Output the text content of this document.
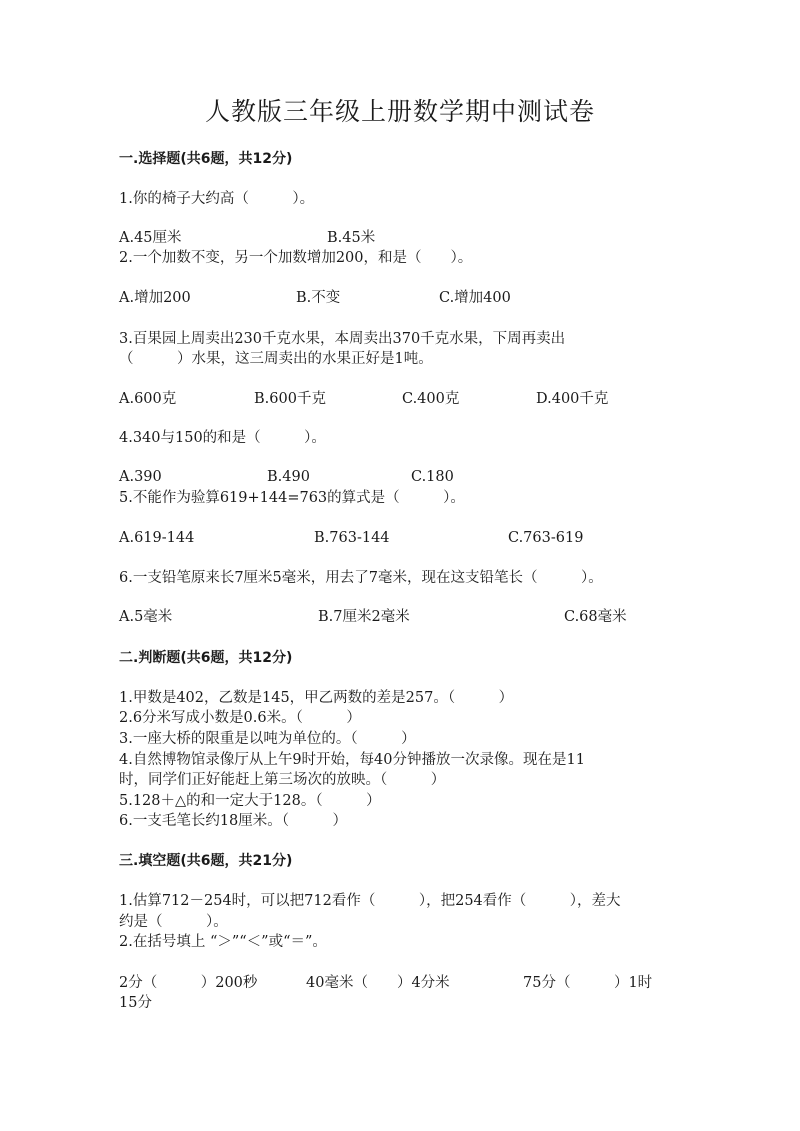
人教版三年级上册数学期中测试卷
一.选择题(共6题，共12分)
1.你的椅子大约高（　　　）。
A.45厘米	B.45米
2.一个加数不变，另一个加数增加200，和是（　　）。
A.增加200	B.不变	C.增加400
3.百果园上周卖出230千克水果，本周卖出370千克水果，下周再卖出
（　　　）水果，这三周卖出的水果正好是1吨。
A.600克	B.600千克	C.400克	D.400千克
4.340与150的和是（　　　）。
A.390	B.490	C.180
5.不能作为验算619+144=763的算式是（　　　）。
A.619-144	B.763-144	C.763-619
6.一支铅笔原来长7厘米5毫米，用去了7毫米，现在这支铅笔长（　　　）。
A.5毫米	B.7厘米2毫米	C.68毫米
二.判断题(共6题，共12分)
1.甲数是402，乙数是145，甲乙两数的差是257。（　　　）
2.6分米写成小数是0.6米。（　　　）
3.一座大桥的限重是以吨为单位的。（　　　）
4.自然博物馆录像厅从上午9时开始，每40分钟播放一次录像。现在是11
时，同学们正好能赶上第三场次的放映。（　　　）
5.128＋△的和一定大于128。（　　　）
6.一支毛笔长约18厘米。（　　　）
三.填空题(共6题，共21分)
1.估算712－254时，可以把712看作（　　　），把254看作（　　　），差大
约是（　　　）。
2.在括号填上 “＞”“＜”或“＝”。
2分（　　　）200秒	40毫米（　　）4分米	75分（　　　）1时
15分
